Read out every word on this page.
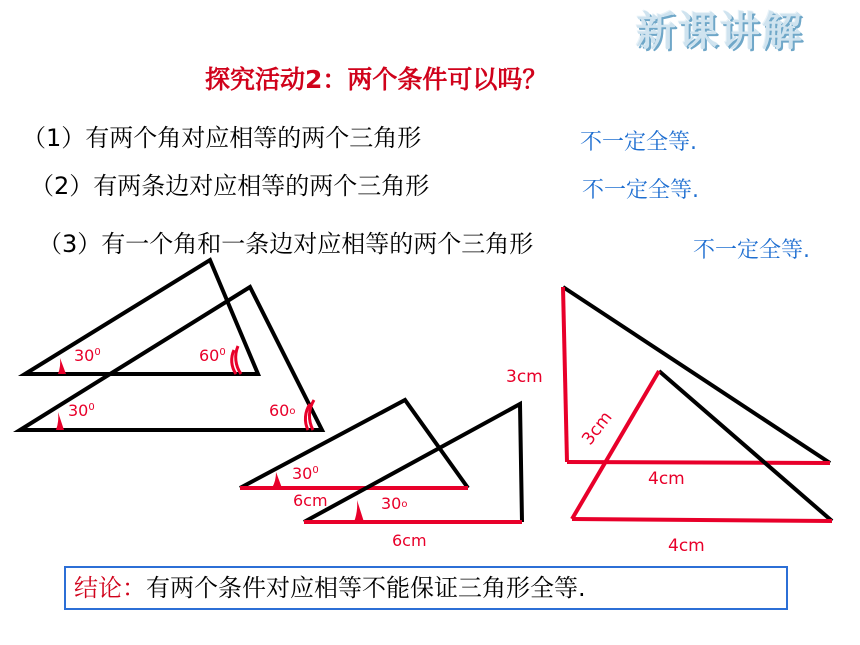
新课讲解
探究活动2：两个条件可以吗？
（1）有两个角对应相等的两个三角形	不一定全等.
（2）有两条边对应相等的两个三角形	不一定全等.
（3）有一个角和一条边对应相等的两个三角形	不一定全等.
$30^0$	$60^0$
$30^0$	60o
$30^0$
6cm	30o
6cm
3cm
3cm
4cm
4cm
结论：有两个条件对应相等不能保证三角形全等.
